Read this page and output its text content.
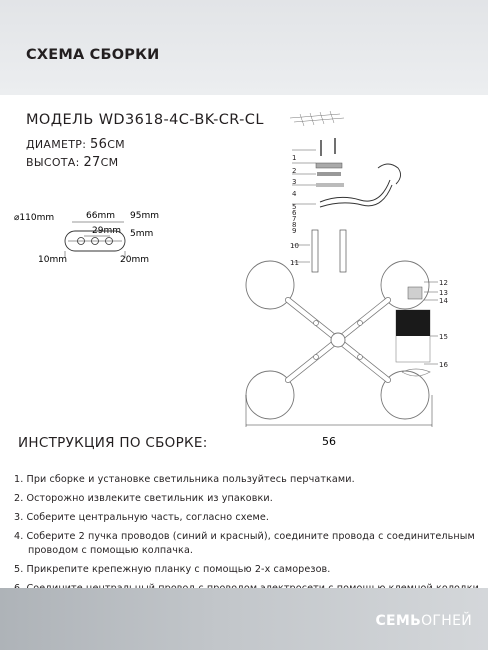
СХЕМА СБОРКИ
МОДЕЛЬ WD3618-4C-BK-CR-CL
ДИАМЕТР: 56СМ
ВЫСОТА: 27СМ
⌀110mm	66mm 95mm
29mm 5mm
10mm	20mm
1
2
3
4
5
6
7
8
9
10
11
56
12
13
14
15
16
ИНСТРУКЦИЯ ПО СБОРКЕ:
1. При сборке и установке светильника пользуйтесь перчатками.
2. Осторожно извлеките светильник из упаковки.
3. Соберите центральную часть, согласно схеме.
4. Соберите 2 пучка проводов (синий и красный), соедините провода с соединительным
проводом с помощью колпачка.
5. Прикрепите крепежную планку с помощью 2-х саморезов.
СЕМЬОГНЕЙ
